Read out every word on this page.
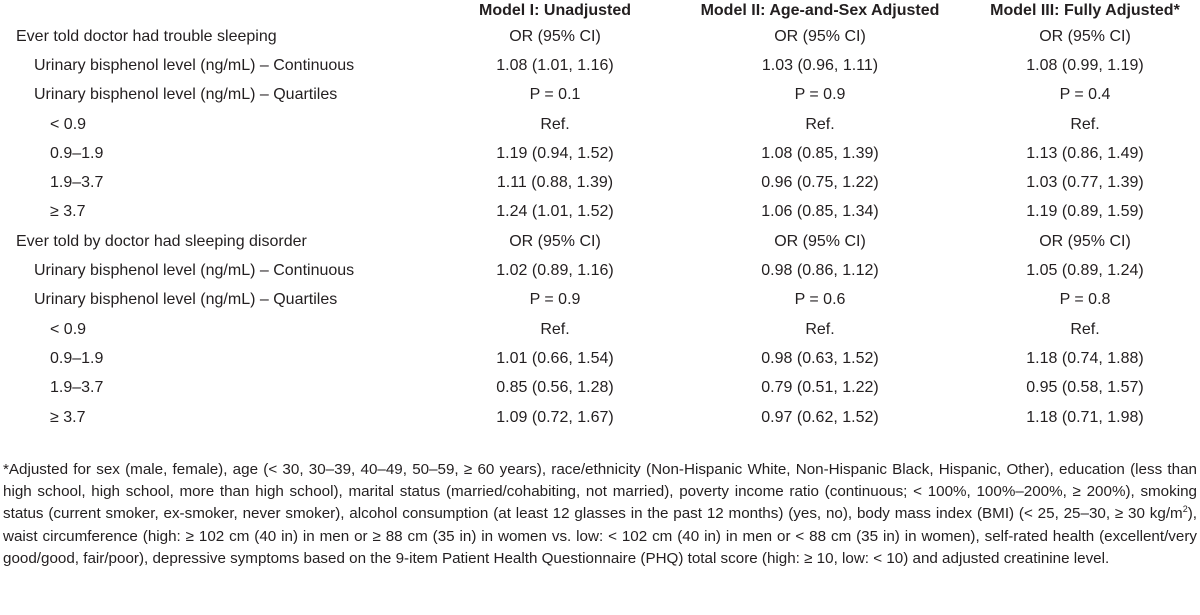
	Model I: Unadjusted	Model II: Age-and-Sex Adjusted	Model III: Fully Adjusted*
Ever told doctor had trouble sleeping	OR (95% CI)	OR (95% CI)	OR (95% CI)
Urinary bisphenol level (ng/mL) – Continuous	1.08 (1.01, 1.16)	1.03 (0.96, 1.11)	1.08 (0.99, 1.19)
Urinary bisphenol level (ng/mL) – Quartiles	P = 0.1	P = 0.9	P = 0.4
< 0.9	Ref.	Ref.	Ref.
0.9–1.9	1.19 (0.94, 1.52)	1.08 (0.85, 1.39)	1.13 (0.86, 1.49)
1.9–3.7	1.11 (0.88, 1.39)	0.96 (0.75, 1.22)	1.03 (0.77, 1.39)
≥ 3.7	1.24 (1.01, 1.52)	1.06 (0.85, 1.34)	1.19 (0.89, 1.59)
Ever told by doctor had sleeping disorder	OR (95% CI)	OR (95% CI)	OR (95% CI)
Urinary bisphenol level (ng/mL) – Continuous	1.02 (0.89, 1.16)	0.98 (0.86, 1.12)	1.05 (0.89, 1.24)
Urinary bisphenol level (ng/mL) – Quartiles	P = 0.9	P = 0.6	P = 0.8
< 0.9	Ref.	Ref.	Ref.
0.9–1.9	1.01 (0.66, 1.54)	0.98 (0.63, 1.52)	1.18 (0.74, 1.88)
1.9–3.7	0.85 (0.56, 1.28)	0.79 (0.51, 1.22)	0.95 (0.58, 1.57)
≥ 3.7	1.09 (0.72, 1.67)	0.97 (0.62, 1.52)	1.18 (0.71, 1.98)
*Adjusted for sex (male, female), age (< 30, 30–39, 40–49, 50–59, ≥ 60 years), race/ethnicity (Non-Hispanic White, Non-Hispanic Black, Hispanic, Other), education (less than high school, high school, more than high school), marital status (married/cohabiting, not married), poverty income ratio (continuous; < 100%, 100%–200%, ≥ 200%), smoking status (current smoker, ex-smoker, never smoker), alcohol consumption (at least 12 glasses in the past 12 months) (yes, no), body mass index (BMI) (< 25, 25–30, ≥ 30 $kg/m^2$), waist circumference (high: ≥ 102 cm (40 in) in men or ≥ 88 cm (35 in) in women vs. low: < 102 cm (40 in) in men or < 88 cm (35 in) in women), self-rated health (excellent/very good/good, fair/poor), depressive symptoms based on the 9-item Patient Health Questionnaire (PHQ) total score (high: ≥ 10, low: < 10) and adjusted creatinine level.
